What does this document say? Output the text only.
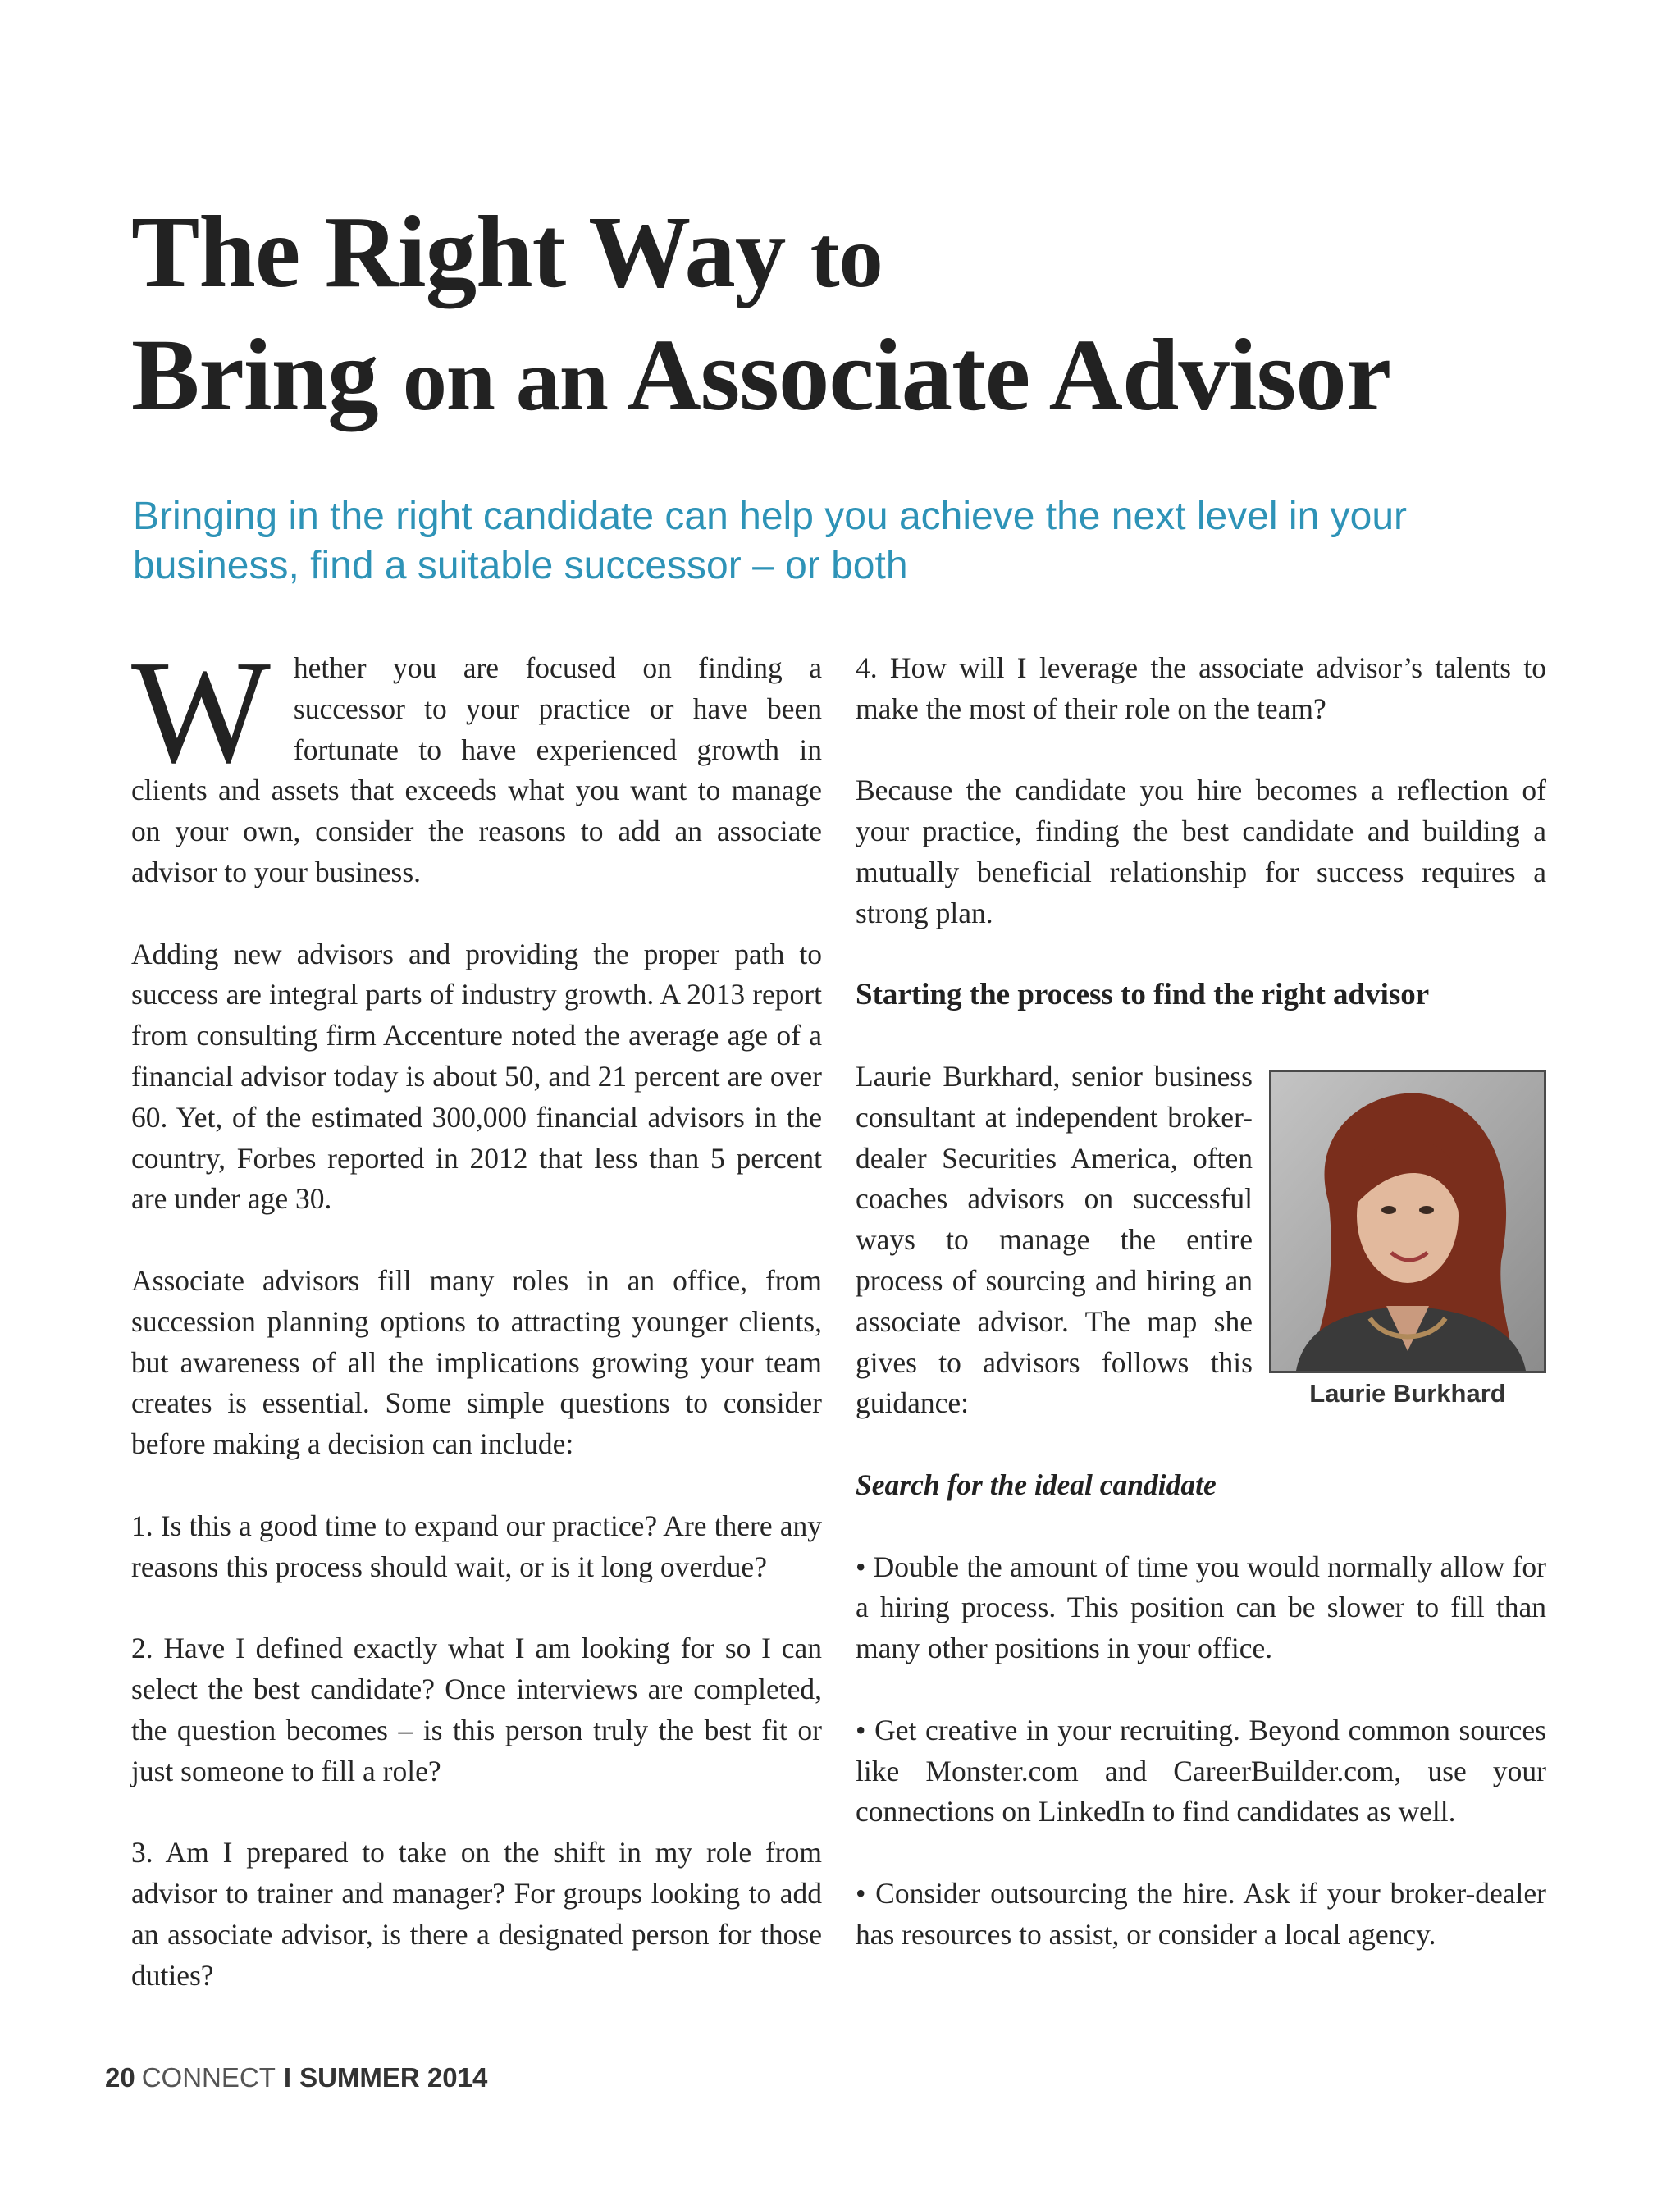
The Right Way to
Bring on an Associate Advisor
Bringing in the right candidate can help you achieve the next level in your business, find a suitable successor – or both

Whether you are focused on finding a successor to your practice or have been fortunate to have experienced growth in clients and assets that exceeds what you want to manage on your own, consider the reasons to add an associate advisor to your business.

Adding new advisors and providing the proper path to success are integral parts of industry growth. A 2013 report from consulting firm Accenture noted the average age of a financial advisor today is about 50, and 21 percent are over 60. Yet, of the estimated 300,000 financial advisors in the country, Forbes reported in 2012 that less than 5 percent are under age 30.

Associate advisors fill many roles in an office, from succession planning options to attracting younger clients, but awareness of all the implications growing your team creates is essential. Some simple questions to consider before making a decision can include:

1. Is this a good time to expand our practice? Are there any reasons this process should wait, or is it long overdue?

2. Have I defined exactly what I am looking for so I can select the best candidate? Once interviews are completed, the question becomes – is this person truly the best fit or just someone to fill a role?

3. Am I prepared to take on the shift in my role from advisor to trainer and manager? For groups looking to add an associate advisor, is there a designated person for those duties?

4. How will I leverage the associate advisor’s talents to make the most of their role on the team?

Because the candidate you hire becomes a reflection of your practice, finding the best candidate and building a mutually beneficial relationship for success requires a strong plan.

Starting the process to find the right advisor

Laurie Burkhard

Laurie Burkhard, senior business consultant at independent broker-dealer Securities America, often coaches advisors on successful ways to manage the entire process of sourcing and hiring an associate advisor. The map she gives to advisors follows this guidance:

Search for the ideal candidate

• Double the amount of time you would normally allow for a hiring process. This position can be slower to fill than many other positions in your office.

• Get creative in your recruiting. Beyond common sources like Monster.com and CareerBuilder.com, use your connections on LinkedIn to find candidates as well.

• Consider outsourcing the hire. Ask if your broker-dealer has resources to assist, or consider a local agency.

20 CONNECT I SUMMER 2014
